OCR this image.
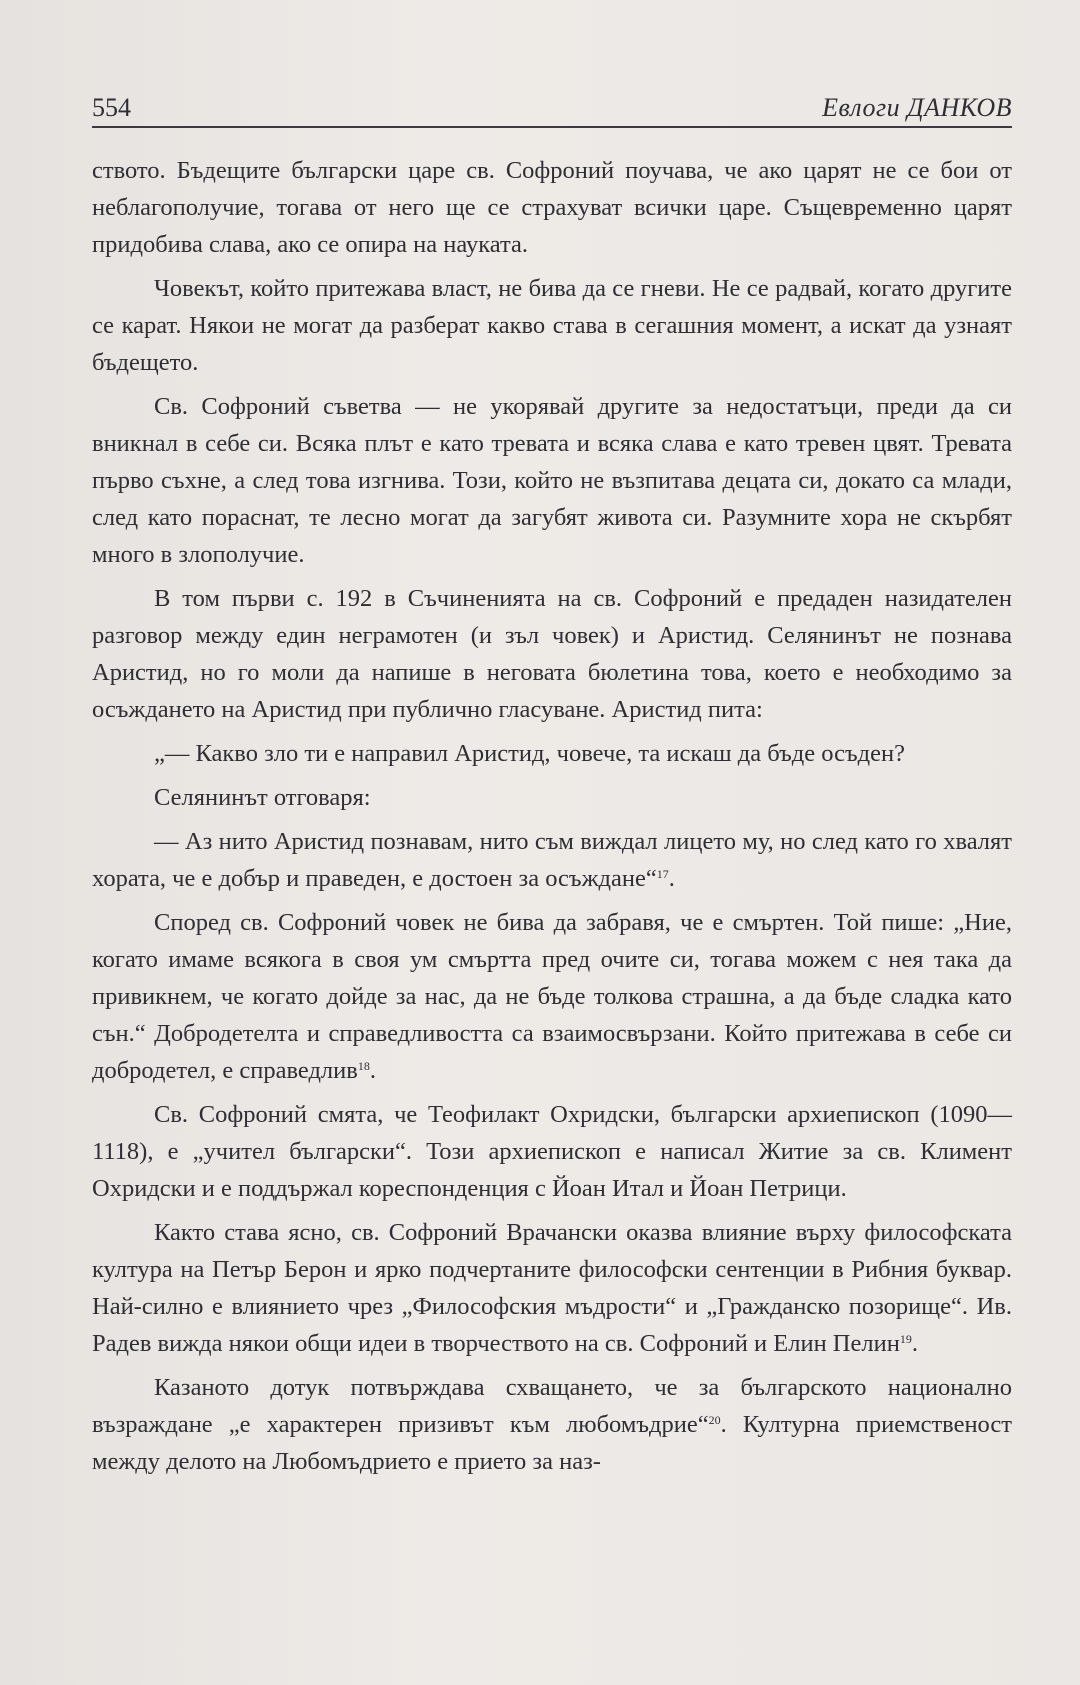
554	Евлоги ДАНКОВ

ството. Бъдещите български царе св. Софроний поучава, че ако царят не се бои от неблагополучие, тогава от него ще се страхуват всички царе. Същевременно царят придобива слава, ако се опира на науката.

Човекът, който притежава власт, не бива да се гневи. Не се радвай, когато другите се карат. Някои не могат да разберат какво става в сегашния момент, а искат да узнаят бъдещето.

Св. Софроний съветва — не укорявай другите за недостатъци, преди да си вникнал в себе си. Всяка плът е като тревата и всяка слава е като тревен цвят. Тревата първо съхне, а след това изгнива. Този, който не възпитава децата си, докато са млади, след като пораснат, те лесно могат да загубят живота си. Разумните хора не скърбят много в злополучие.

В том първи с. 192 в Съчиненията на св. Софроний е предаден назидателен разговор между един неграмотен (и зъл човек) и Аристид. Селянинът не познава Аристид, но го моли да напише в неговата бюлетина това, което е необходимо за осъждането на Аристид при публично гласуване. Аристид пита:

„— Какво зло ти е направил Аристид, човече, та искаш да бъде осъден?

Селянинът отговаря:

— Аз нито Аристид познавам, нито съм виждал лицето му, но след като го хвалят хората, че е добър и праведен, е достоен за осъждане“$^{17}$.

Според св. Софроний човек не бива да забравя, че е смъртен. Той пише: „Ние, когато имаме всякога в своя ум смъртта пред очите си, тогава можем с нея така да привикнем, че когато дойде за нас, да не бъде толкова страшна, а да бъде сладка като сън.“ Добродетелта и справедливостта са взаимосвързани. Който притежава в себе си добродетел, е справедлив$^{18}$.

Св. Софроний смята, че Теофилакт Охридски, български архиепископ (1090—1118), е „учител български“. Този архиепископ е написал Житие за св. Климент Охридски и е поддържал кореспонденция с Йоан Итал и Йоан Петрици.

Както става ясно, св. Софроний Врачански оказва влияние върху философската култура на Петър Берон и ярко подчертаните философски сентенции в Рибния буквар. Най-силно е влиянието чрез „Философския мъдрости“ и „Гражданско позорище“. Ив. Радев вижда някои общи идеи в творчеството на св. Софроний и Елин Пелин$^{19}$.

Казаното дотук потвърждава схващането, че за българското национално възраждане „е характерен призивът към любомъдрие“$^{20}$. Културна приемственост между делото на Любомъдрието е прието за наз-
